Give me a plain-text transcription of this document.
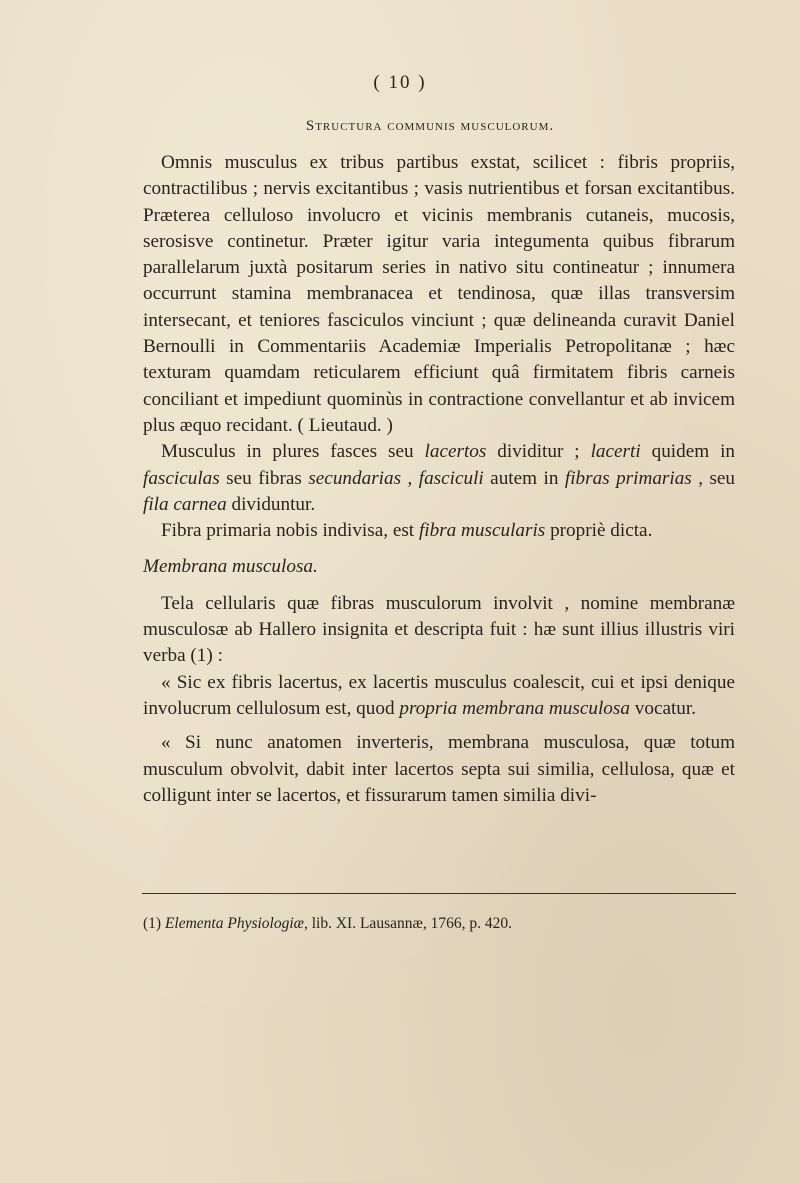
( 10 )
Structura communis musculorum.

Omnis musculus ex tribus partibus exstat, scilicet : fibris propriis, contractilibus ; nervis excitantibus ; vasis nutrientibus et forsan excitantibus. Præterea celluloso involucro et vicinis membranis cutaneis, mucosis, serosisve continetur. Præter igitur varia integumenta quibus fibrarum parallelarum juxtà positarum series in nativo situ contineatur ; innumera occurrunt stamina membranacea et tendinosa, quæ illas transversim intersecant, et teniores fasciculos vinciunt ; quæ delineanda curavit Daniel Bernoulli in Commentariis Academiæ Imperialis Petropolitanæ ; hæc texturam quamdam reticularem efficiunt quâ firmitatem fibris carneis conciliant et impediunt quominùs in contractione convellantur et ab invicem plus æquo recidant. ( Lieutaud. )

Musculus in plures fasces seu lacertos dividitur ; lacerti quidem in fasciculas seu fibras secundarias , fasciculi autem in fibras primarias , seu fila carnea dividuntur.

Fibra primaria nobis indivisa, est fibra muscularis propriè dicta.

Membrana musculosa.

Tela cellularis quæ fibras musculorum involvit , nomine membranæ musculosæ ab Hallero insignita et descripta fuit : hæ sunt illius illustris viri verba (1) :

« Sic ex fibris lacertus, ex lacertis musculus coalescit, cui et ipsi denique involucrum cellulosum est, quod propria membrana musculosa vocatur.

« Si nunc anatomen inverteris, membrana musculosa, quæ totum musculum obvolvit, dabit inter lacertos septa sui similia, cellulosa, quæ et colligunt inter se lacertos, et fissurarum tamen similia divi-

(1) Elementa Physiologiæ, lib. XI. Lausannæ, 1766, p. 420.
